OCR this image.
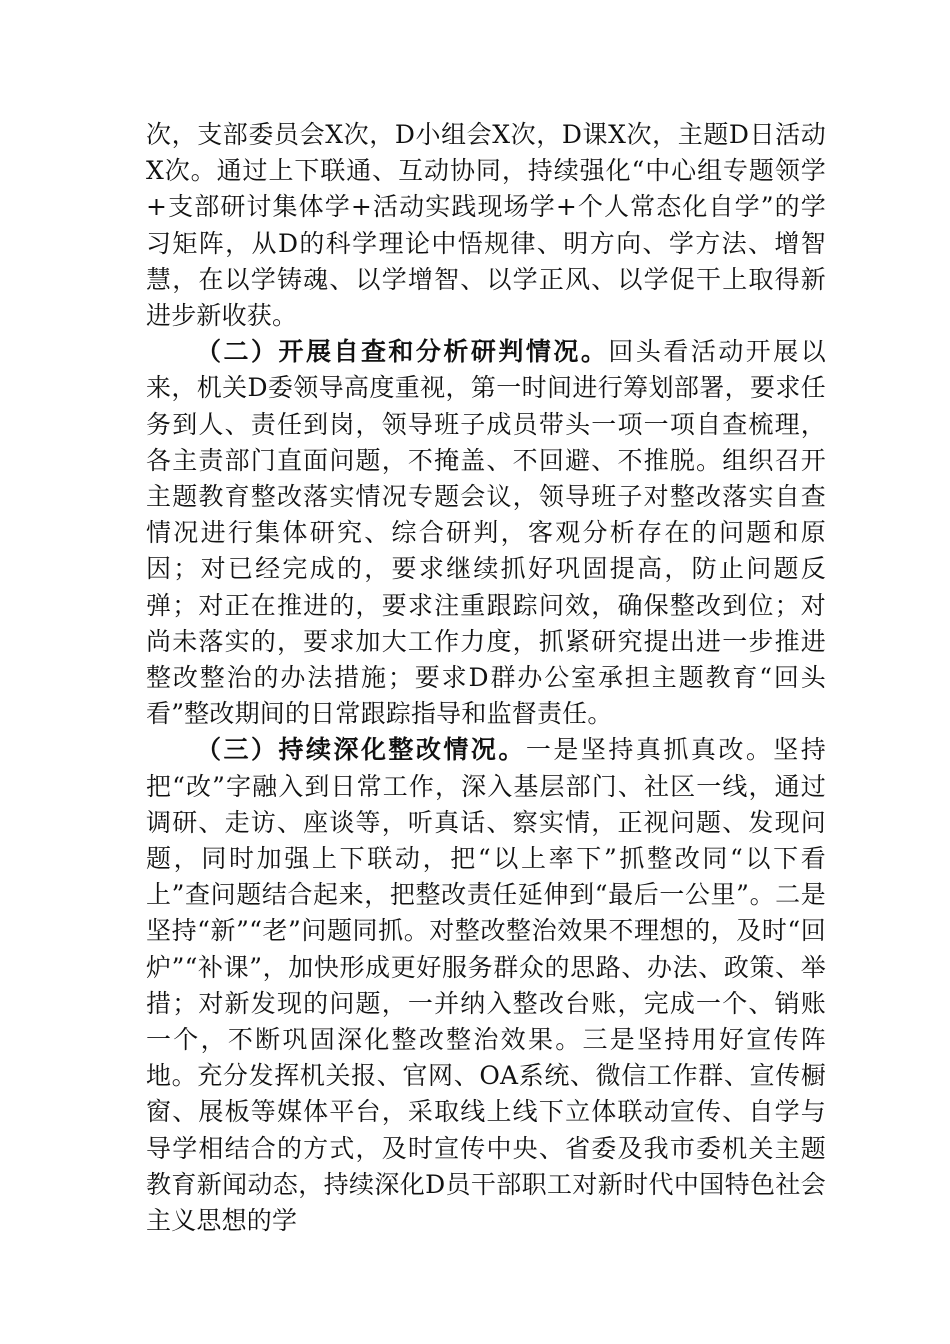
次，支部委员会X次，D小组会X次，D课X次，主题D日活动X次。通过上下联通、互动协同，持续强化“中心组专题领学+支部研讨集体学+活动实践现场学+个人常态化自学”的学习矩阵，从D的科学理论中悟规律、明方向、学方法、增智慧，在以学铸魂、以学增智、以学正风、以学促干上取得新进步新收获。

（二）开展自查和分析研判情况。回头看活动开展以来，机关D委领导高度重视，第一时间进行筹划部署，要求任务到人、责任到岗，领导班子成员带头一项一项自查梳理，各主责部门直面问题，不掩盖、不回避、不推脱。组织召开主题教育整改落实情况专题会议，领导班子对整改落实自查情况进行集体研究、综合研判，客观分析存在的问题和原因；对已经完成的，要求继续抓好巩固提高，防止问题反弹；对正在推进的，要求注重跟踪问效，确保整改到位；对尚未落实的，要求加大工作力度，抓紧研究提出进一步推进整改整治的办法措施；要求D群办公室承担主题教育“回头看”整改期间的日常跟踪指导和监督责任。

（三）持续深化整改情况。一是坚持真抓真改。坚持把“改”字融入到日常工作，深入基层部门、社区一线，通过调研、走访、座谈等，听真话、察实情，正视问题、发现问题，同时加强上下联动，把“以上率下”抓整改同“以下看上”查问题结合起来，把整改责任延伸到“最后一公里”。二是坚持“新”“老”问题同抓。对整改整治效果不理想的，及时“回炉”“补课”，加快形成更好服务群众的思路、办法、政策、举措；对新发现的问题，一并纳入整改台账，完成一个、销账一个，不断巩固深化整改整治效果。三是坚持用好宣传阵地。充分发挥机关报、官网、OA系统、微信工作群、宣传橱窗、展板等媒体平台，采取线上线下立体联动宣传、自学与导学相结合的方式，及时宣传中央、省委及我市委机关主题教育新闻动态，持续深化D员干部职工对新时代中国特色社会主义思想的学
